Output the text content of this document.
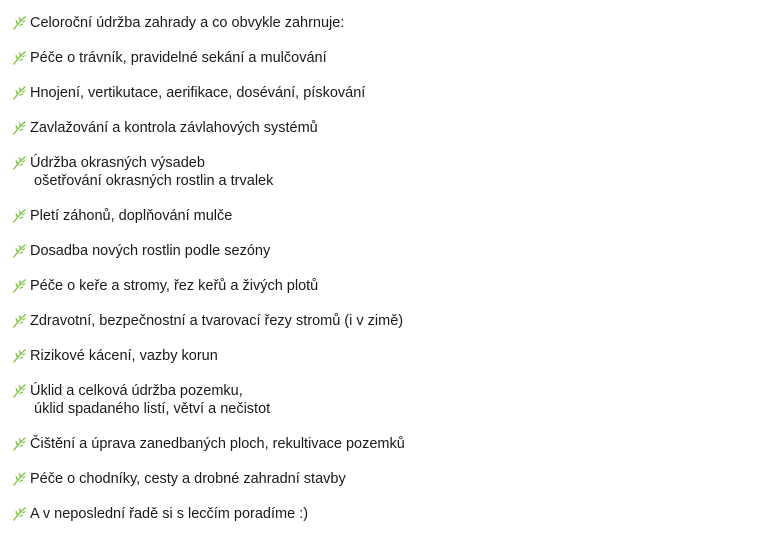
Celoroční údržba zahrady a co obvykle zahrnuje:
Péče o trávník, pravidelné sekání a mulčování
Hnojení, vertikutace, aerifikace, dosévání, pískování
Zavlažování a kontrola závlahových systémů
Údržba okrasných výsadeb
ošetřování okrasných rostlin a trvalek
Pletí záhonů, doplňování mulče
Dosadba nových rostlin podle sezóny
Péče o keře a stromy, řez keřů a živých plotů
Zdravotní, bezpečnostní a tvarovací řezy stromů (i v zimě)
Rizikové kácení, vazby korun
Úklid a celková údržba pozemku,
úklid spadaného listí, větví a nečistot
Čištění a úprava zanedbaných ploch, rekultivace pozemků
Péče o chodníky, cesty a drobné zahradní stavby
A v neposlední řadě si s lecčím poradíme :)
